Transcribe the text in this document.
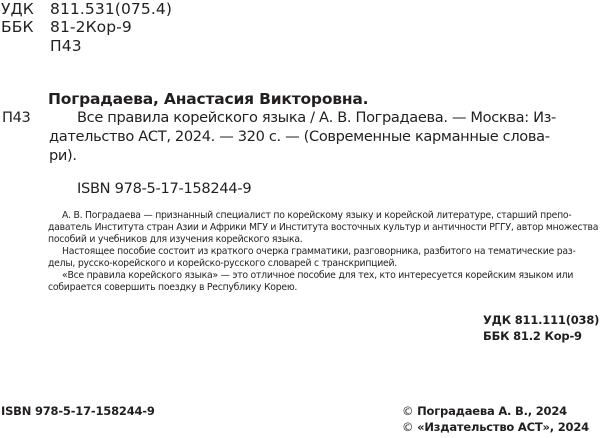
УДК 811.531(075.4)
ББК 81-2Кор-9
П43
Поградаева, Анастасия Викторовна.
П43	Все правила корейского языка / А. В. Поградаева. — Москва: Из-
дательство АСТ, 2024. — 320 с. — (Современные карманные слова-
ри).
ISBN 978-5-17-158244-9
А. В. Поградаева — признанный специалист по корейскому языку и корейской литературе, старший препо-
даватель Института стран Азии и Африки МГУ и Института восточных культур и античности РГГУ, автор множества
пособий и учебников для изучения корейского языка.
Настоящее пособие состоит из краткого очерка грамматики, разговорника, разбитого на тематические раз-
делы, русско-корейского и корейско-русского словарей с транскрипцией.
«Все правила корейского языка» — это отличное пособие для тех, кто интересуется корейским языком или
собирается совершить поездку в Республику Корею.
УДК 811.111(038)
ББК 81.2 Кор-9
ISBN 978-5-17-158244-9	© Поградаева А. В., 2024
© «Издательство АСТ», 2024
